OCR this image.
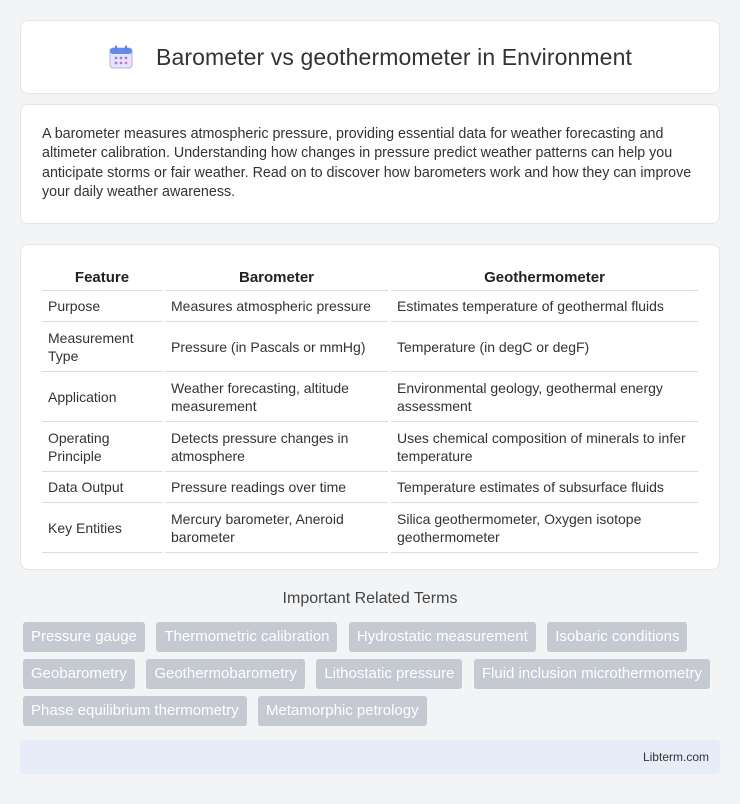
Barometer vs geothermometer in Environment

A barometer measures atmospheric pressure, providing essential data for weather forecasting and altimeter calibration. Understanding how changes in pressure predict weather patterns can help you anticipate storms or fair weather. Read on to discover how barometers work and how they can improve your daily weather awareness.

Feature	Barometer	Geothermometer
Purpose	Measures atmospheric pressure	Estimates temperature of geothermal fluids
Measurement Type	Pressure (in Pascals or mmHg)	Temperature (in degC or degF)
Application	Weather forecasting, altitude measurement	Environmental geology, geothermal energy assessment
Operating Principle	Detects pressure changes in atmosphere	Uses chemical composition of minerals to infer temperature
Data Output	Pressure readings over time	Temperature estimates of subsurface fluids
Key Entities	Mercury barometer, Aneroid barometer	Silica geothermometer, Oxygen isotope geothermometer
Important Related Terms
Pressure gauge Thermometric calibration Hydrostatic measurement Isobaric conditions Geobarometry Geothermobarometry Lithostatic pressure Fluid inclusion microthermometry Phase equilibrium thermometry Metamorphic petrology
Libterm.com
